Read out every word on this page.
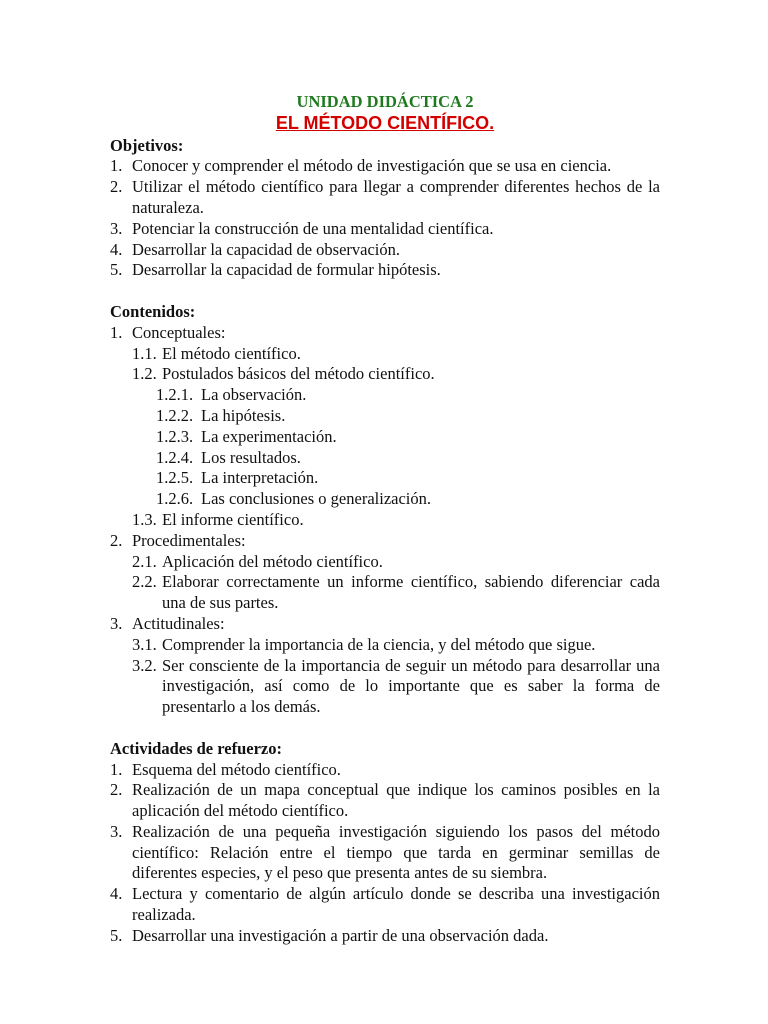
UNIDAD DIDÁCTICA 2
EL MÉTODO CIENTÍFICO.
Objetivos:
1. Conocer y comprender el método de investigación que se usa en ciencia.
2. Utilizar el método científico para llegar a comprender diferentes hechos de la naturaleza.
3. Potenciar la construcción de una mentalidad científica.
4. Desarrollar la capacidad de observación.
5. Desarrollar la capacidad de formular hipótesis.
Contenidos:
1. Conceptuales:
1.1. El método científico.
1.2. Postulados básicos del método científico.
1.2.1. La observación.
1.2.2. La hipótesis.
1.2.3. La experimentación.
1.2.4. Los resultados.
1.2.5. La interpretación.
1.2.6. Las conclusiones o generalización.
1.3. El informe científico.
2. Procedimentales:
2.1. Aplicación del método científico.
2.2. Elaborar correctamente un informe científico, sabiendo diferenciar cada una de sus partes.
3. Actitudinales:
3.1. Comprender la importancia de la ciencia, y del método que sigue.
3.2. Ser consciente de la importancia de seguir un método para desarrollar una investigación, así como de lo importante que es saber la forma de presentarlo a los demás.
Actividades de refuerzo:
1. Esquema del método científico.
2. Realización de un mapa conceptual que indique los caminos posibles en la aplicación del método científico.
3. Realización de una pequeña investigación siguiendo los pasos del método científico: Relación entre el tiempo que tarda en germinar semillas de diferentes especies, y el peso que presenta antes de su siembra.
4. Lectura y comentario de algún artículo donde se describa una investigación realizada.
5. Desarrollar una investigación a partir de una observación dada.
